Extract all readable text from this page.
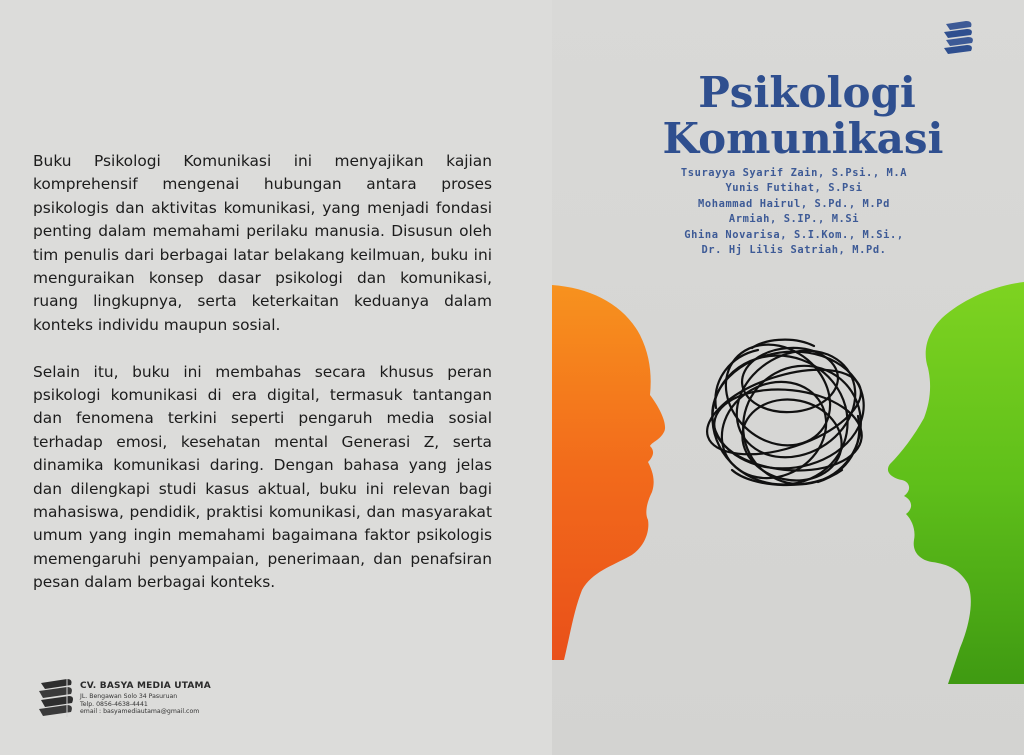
Buku Psikologi Komunikasi ini menyajikan kajian komprehensif mengenai hubungan antara proses psikologis dan aktivitas komunikasi, yang menjadi fondasi penting dalam memahami perilaku manusia. Disusun oleh tim penulis dari berbagai latar belakang keilmuan, buku ini menguraikan konsep dasar psikologi dan komunikasi, ruang lingkupnya, serta keterkaitan keduanya dalam konteks individu maupun sosial.

Selain itu, buku ini membahas secara khusus peran psikologi komunikasi di era digital, termasuk tantangan dan fenomena terkini seperti pengaruh media sosial terhadap emosi, kesehatan mental Generasi Z, serta dinamika komunikasi daring. Dengan bahasa yang jelas dan dilengkapi studi kasus aktual, buku ini relevan bagi mahasiswa, pendidik, praktisi komunikasi, dan masyarakat umum yang ingin memahami bagaimana faktor psikologis memengaruhi penyampaian, penerimaan, dan penafsiran pesan dalam berbagai konteks.

CV. BASYA MEDIA UTAMA
JL. Bengawan Solo 34 Pasuruan
Telp. 0856-4638-4441
email : basyamediautama@gmail.com
Psikologi
Komunikasi
Tsurayya Syarif Zain, S.Psi., M.A
Yunis Futihat, S.Psi
Mohammad Hairul, S.Pd., M.Pd
Armiah, S.IP., M.Si
Ghina Novarisa, S.I.Kom., M.Si.,
Dr. Hj Lilis Satriah, M.Pd.
